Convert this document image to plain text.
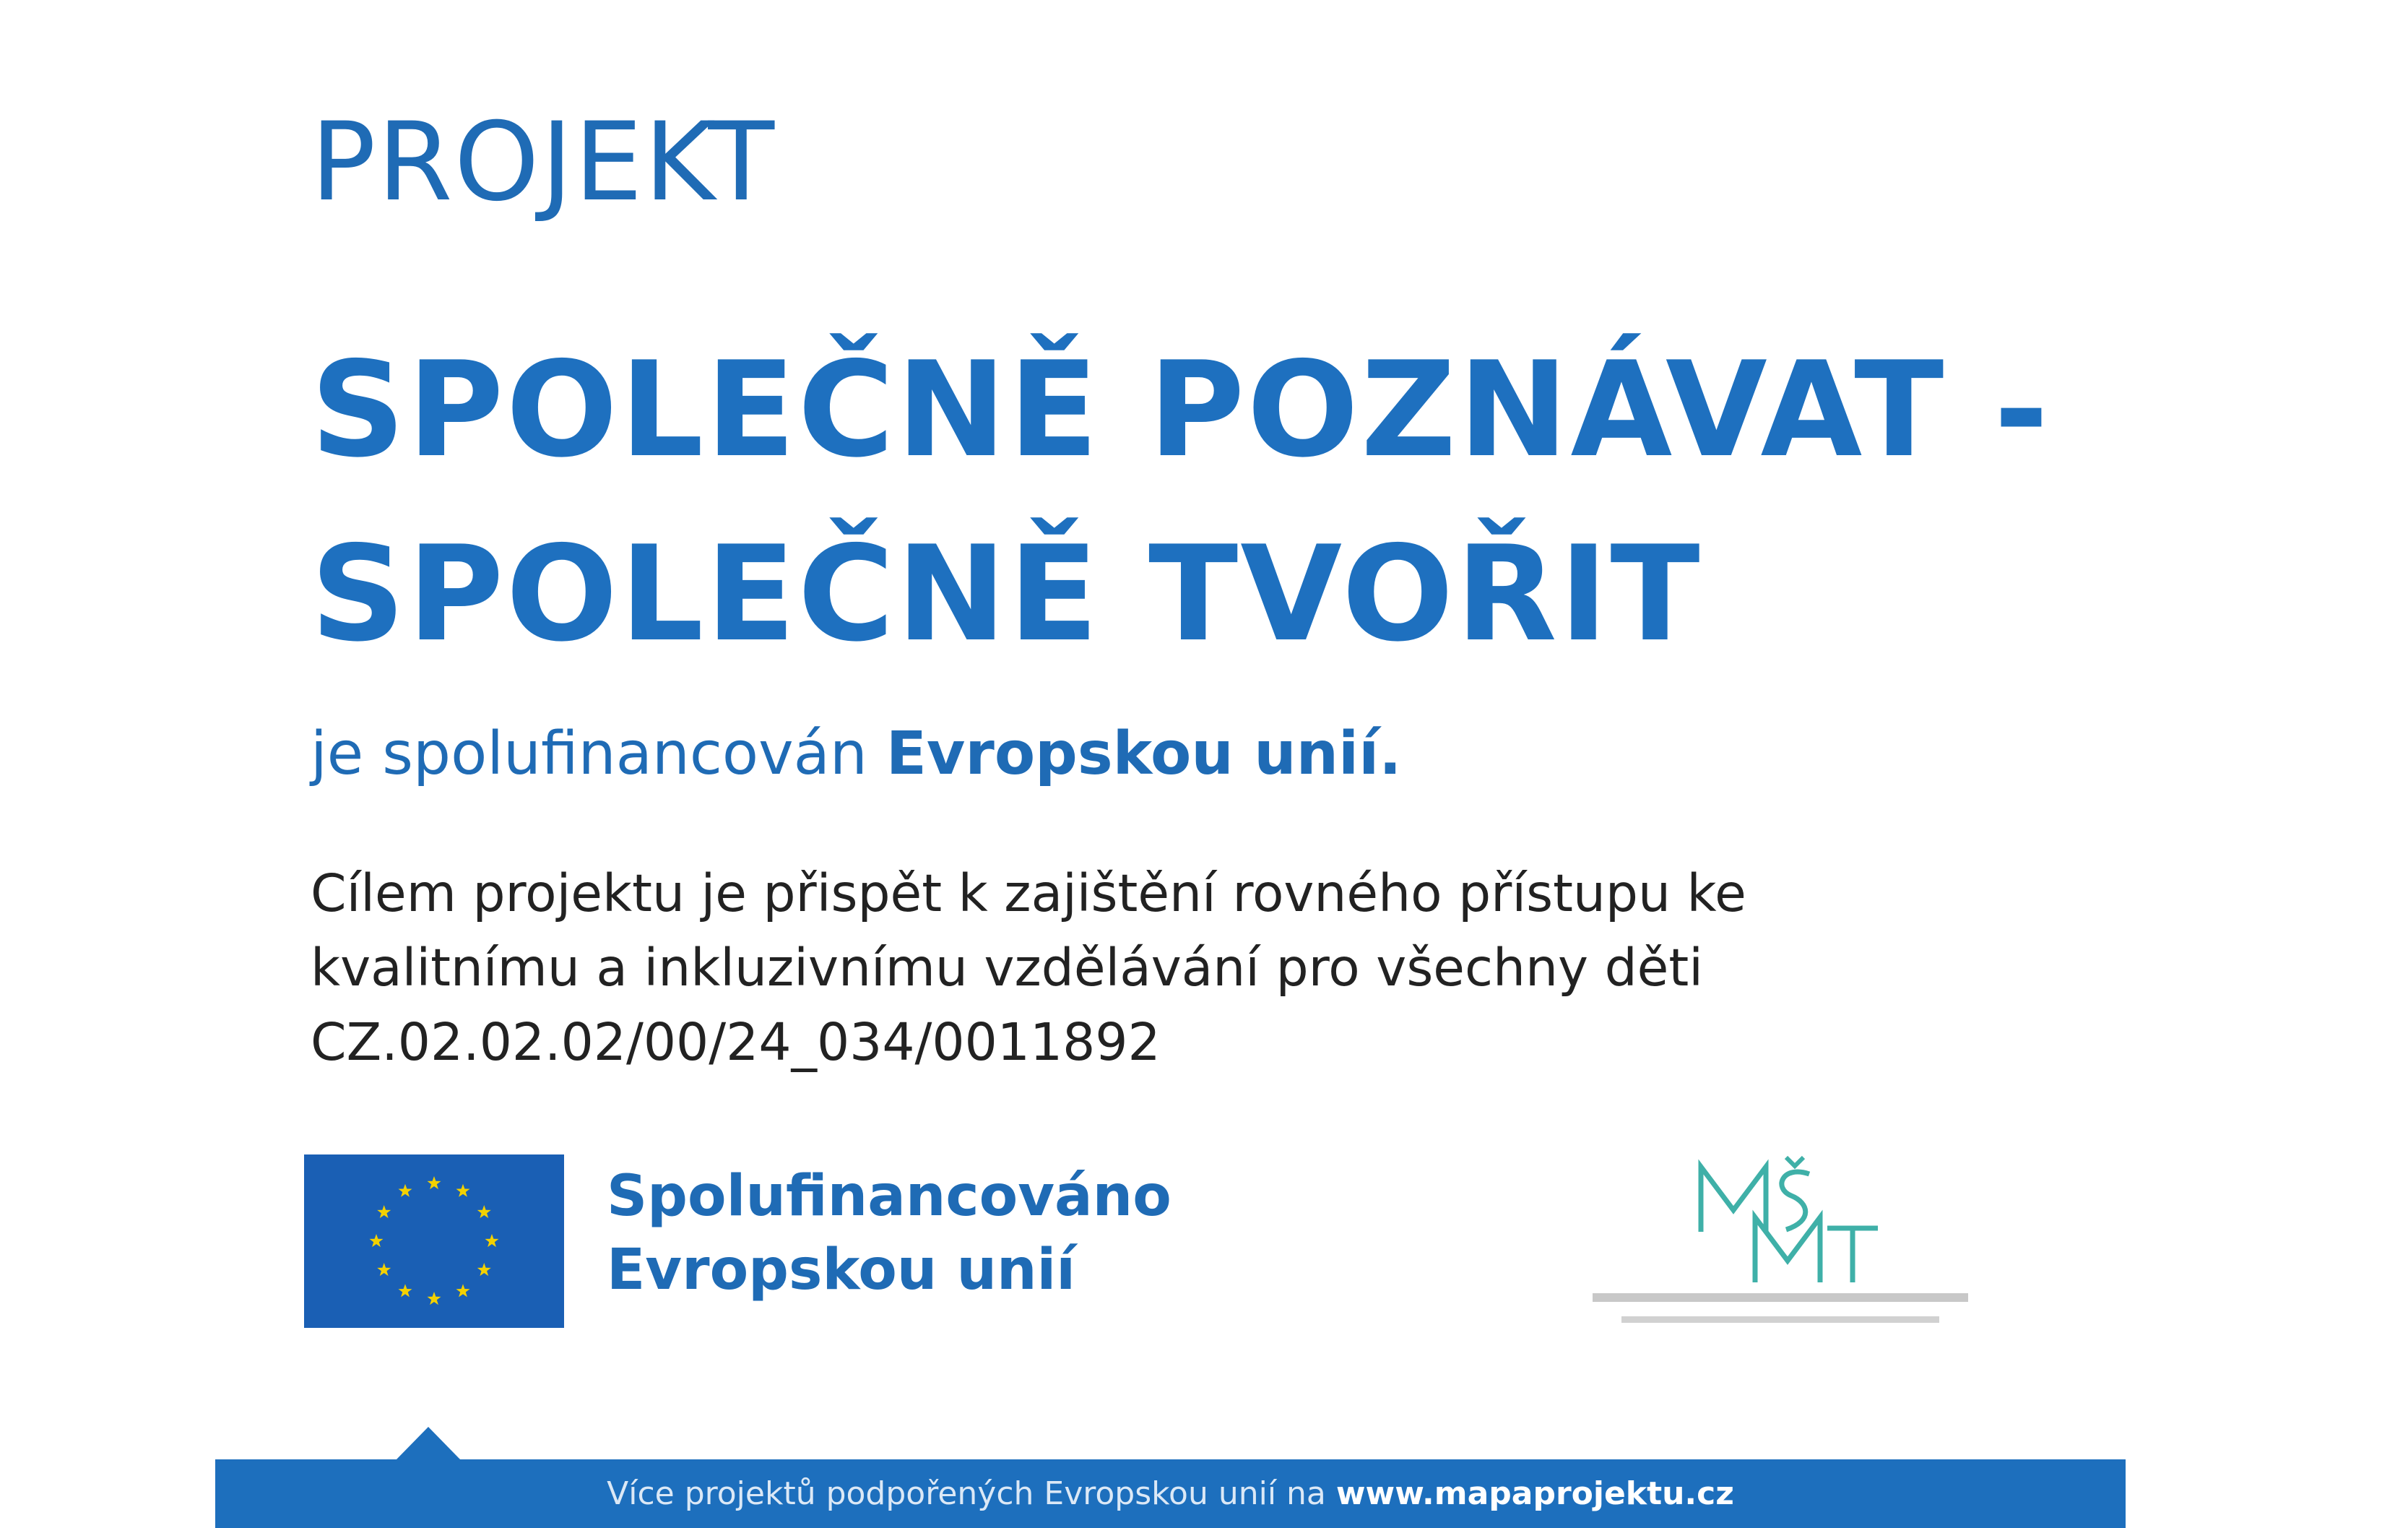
PROJEKT
SPOLEČNĚ POZNÁVAT -
SPOLEČNĚ TVOŘIT
je spolufinancován Evropskou unií.
Cílem projektu je přispět k zajištění rovného přístupu ke
kvalitnímu a inkluzivnímu vzdělávání pro všechny děti
CZ.02.02.02/00/24_034/0011892
Spolufinancováno
Evropskou unií
Více projektů podpořených Evropskou unií na www.mapaprojektu.cz
